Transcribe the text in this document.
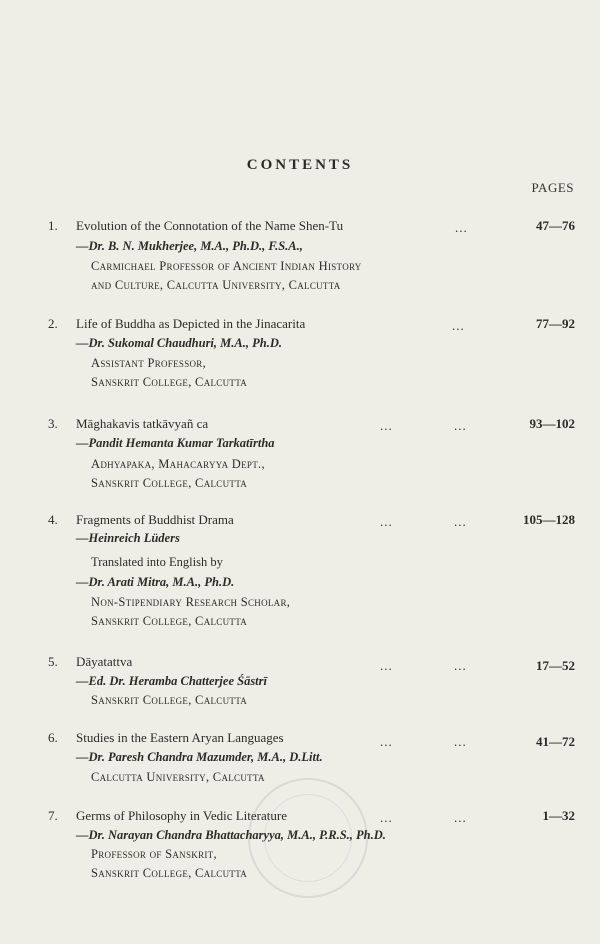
CONTENTS
PAGES
1. Evolution of the Connotation of the Name Shen-Tu	...	47—76
—Dr. B. N. Mukherjee, M.A., Ph.D., F.S.A.,
Carmichael Professor of Ancient Indian History
and Culture, Calcutta University, Calcutta
2. Life of Buddha as Depicted in the Jinacarita	...	77—92
—Dr. Sukomal Chaudhuri, M.A., Ph.D.
Assistant Professor,
Sanskrit College, Calcutta
3. Māghakavis tatkāvyañ ca	...	...	93—102
—Pandit Hemanta Kumar Tarkatīrtha
Adhyapaka, Mahacaryya Dept.,
Sanskrit College, Calcutta
4. Fragments of Buddhist Drama	...	...	105—128
—Heinreich Lüders
Translated into English by
—Dr. Arati Mitra, M.A., Ph.D.
Non-Stipendiary Research Scholar,
Sanskrit College, Calcutta
5. Dāyatattva	...	...	17—52
—Ed. Dr. Heramba Chatterjee Śāstrī
Sanskrit College, Calcutta
6. Studies in the Eastern Aryan Languages	...	...	41—72
—Dr. Paresh Chandra Mazumder, M.A., D.Litt.
Calcutta University, Calcutta
7. Germs of Philosophy in Vedic Literature	...	...	1—32
—Dr. Narayan Chandra Bhattacharyya, M.A., P.R.S., Ph.D.
Professor of Sanskrit,
Sanskrit College, Calcutta
